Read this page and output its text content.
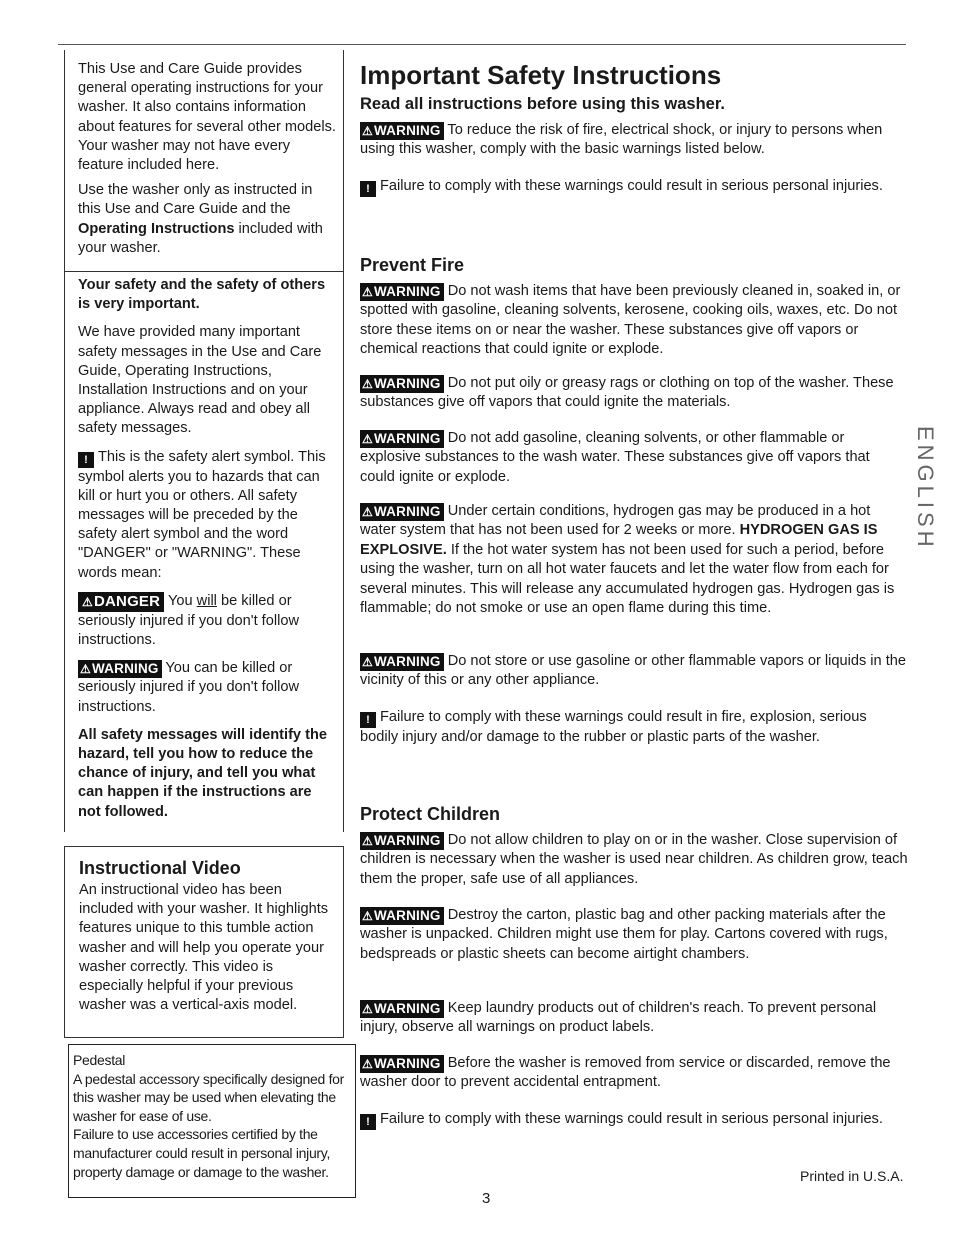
This Use and Care Guide provides general operating instructions for your washer. It also contains information about features for several other models. Your washer may not have every feature included here.

Use the washer only as instructed in this Use and Care Guide and the Operating Instructions included with your washer.

Your safety and the safety of others is very important.

We have provided many important safety messages in the Use and Care Guide, Operating Instructions, Installation Instructions and on your appliance. Always read and obey all safety messages.

! This is the safety alert symbol. This symbol alerts you to hazards that can kill or hurt you or others. All safety messages will be preceded by the safety alert symbol and the word "DANGER" or "WARNING". These words mean:

⚠DANGER You will be killed or seriously injured if you don't follow instructions.

⚠WARNING You can be killed or seriously injured if you don't follow instructions.

All safety messages will identify the hazard, tell you how to reduce the chance of injury, and tell you what can happen if the instructions are not followed.

Instructional Video
An instructional video has been included with your washer. It highlights features unique to this tumble action washer and will help you operate your washer correctly. This video is especially helpful if your previous washer was a vertical-axis model.
Pedestal
A pedestal accessory specifically designed for this washer may be used when elevating the washer for ease of use.
Failure to use accessories certified by the manufacturer could result in personal injury, property damage or damage to the washer.
Important Safety Instructions
Read all instructions before using this washer.

⚠WARNING To reduce the risk of fire, electrical shock, or injury to persons when using this washer, comply with the basic warnings listed below.

! Failure to comply with these warnings could result in serious personal injuries.

Prevent Fire

⚠WARNING Do not wash items that have been previously cleaned in, soaked in, or spotted with gasoline, cleaning solvents, kerosene, cooking oils, waxes, etc. Do not store these items on or near the washer. These substances give off vapors or chemical reactions that could ignite or explode.

⚠WARNING Do not put oily or greasy rags or clothing on top of the washer. These substances give off vapors that could ignite the materials.

⚠WARNING Do not add gasoline, cleaning solvents, or other flammable or explosive substances to the wash water. These substances give off vapors that could ignite or explode.

⚠WARNING Under certain conditions, hydrogen gas may be produced in a hot water system that has not been used for 2 weeks or more. HYDROGEN GAS IS EXPLOSIVE. If the hot water system has not been used for such a period, before using the washer, turn on all hot water faucets and let the water flow from each for several minutes. This will release any accumulated hydrogen gas. Hydrogen gas is flammable; do not smoke or use an open flame during this time.

⚠WARNING Do not store or use gasoline or other flammable vapors or liquids in the vicinity of this or any other appliance.

! Failure to comply with these warnings could result in fire, explosion, serious bodily injury and/or damage to the rubber or plastic parts of the washer.

Protect Children

⚠WARNING Do not allow children to play on or in the washer. Close supervision of children is necessary when the washer is used near children. As children grow, teach them the proper, safe use of all appliances.

⚠WARNING Destroy the carton, plastic bag and other packing materials after the washer is unpacked. Children might use them for play. Cartons covered with rugs, bedspreads or plastic sheets can become airtight chambers.

⚠WARNING Keep laundry products out of children's reach. To prevent personal injury, observe all warnings on product labels.

⚠WARNING Before the washer is removed from service or discarded, remove the washer door to prevent accidental entrapment.

! Failure to comply with these warnings could result in serious personal injuries.

ENGLISH
Printed in U.S.A.
3
